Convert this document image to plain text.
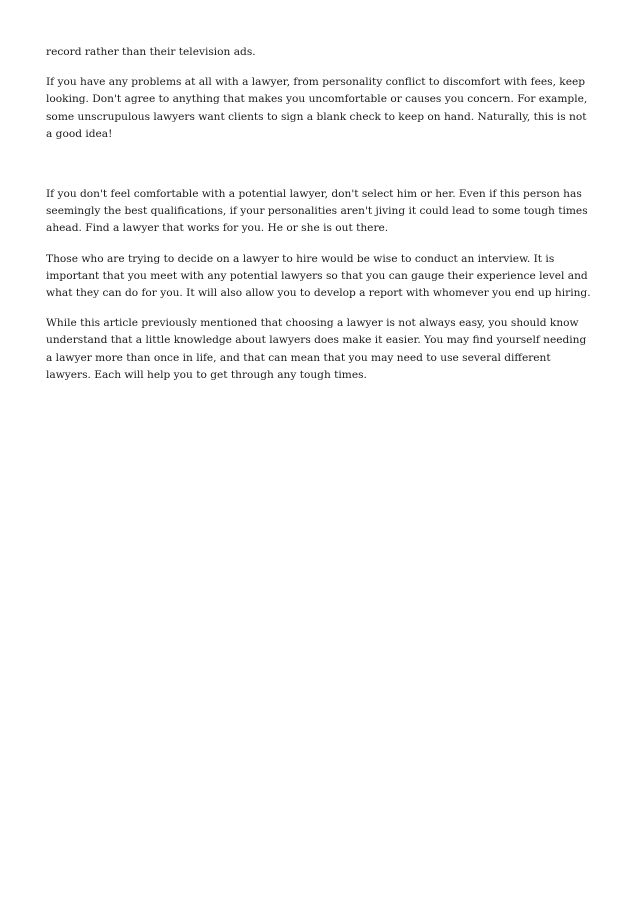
record rather than their television ads.

If you have any problems at all with a lawyer, from personality conflict to discomfort with fees, keep looking. Don't agree to anything that makes you uncomfortable or causes you concern. For example, some unscrupulous lawyers want clients to sign a blank check to keep on hand. Naturally, this is not a good idea!

If you don't feel comfortable with a potential lawyer, don't select him or her. Even if this person has seemingly the best qualifications, if your personalities aren't jiving it could lead to some tough times ahead. Find a lawyer that works for you. He or she is out there.

Those who are trying to decide on a lawyer to hire would be wise to conduct an interview. It is important that you meet with any potential lawyers so that you can gauge their experience level and what they can do for you. It will also allow you to develop a report with whomever you end up hiring.

While this article previously mentioned that choosing a lawyer is not always easy, you should know understand that a little knowledge about lawyers does make it easier. You may find yourself needing a lawyer more than once in life, and that can mean that you may need to use several different lawyers. Each will help you to get through any tough times.
